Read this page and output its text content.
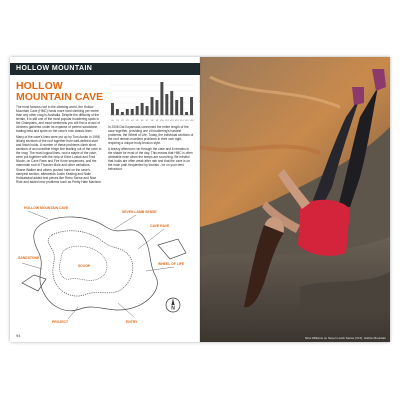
HOLLOW MOUNTAIN
HOLLOW MOUNTAIN CAVE

The most famous roof in the climbing world, the Hollow Mountain Cave (HMC) hosts more hard climbing per metre than any other crag in Australia. Despite the difficulty of the terrain, it is still one of the most popular bouldering spots in the Grampians, and most weekends you will find a crowd of climbers gathered under its expanse of perfect sandstone, trading beta and spots on the cave's now classic lines.

Many of the cave's lines were put up by Tom Austin in 1998, linking sections of the roof together from well-defined start and finish holds. A number of these problems climb short sections of an incredible fringe line leading out of the cave to the crag. The most logical lines, now a staple of the cave, were put together with the help of Klem Loskot and Fred Nicole, on Cave Rave and Fire Knee sequences, and the mammoth roof of Thunder Mole and other variations.

Shane Walker and others pushed hard on the cave's steepest section; afterwards Justin Keating and Nalle Hukkataival added test pieces like Retro Sense and Nice Ride and added new problems such as Pretty Hate Machine.

V0	V1	V2	V3	V4	V5	V6	V7	V8	V9 V10 V11 V12 V13 V14 V15 V16

In 2006 Dai Koyamada connected the entire length of the cave together, providing one of bouldering's hardest problems, the Wheel of Life. Today, the individual sections of the roof remain excellent problems in their own right, requiring a unique body-tension style.

A breezy afternoon run through the cave and it remains in the shade for most of the day. This means that HMC is often climbable even when the temps are scorching. Be mindful that holds are often weak after rain and that the cave is on the main path frequented by tourists - be on your best behaviour.

HOLLOW MOUNTAIN CAVE
SEVEN LAMB SENSE
CAVE RAVE
WHEEL OF LIFE
SANDSTONE
PROJECT	ENTRY
SCOOP
N
94	Nina Williams on Seven Lamb Sense (V11), Hollow Mountain
